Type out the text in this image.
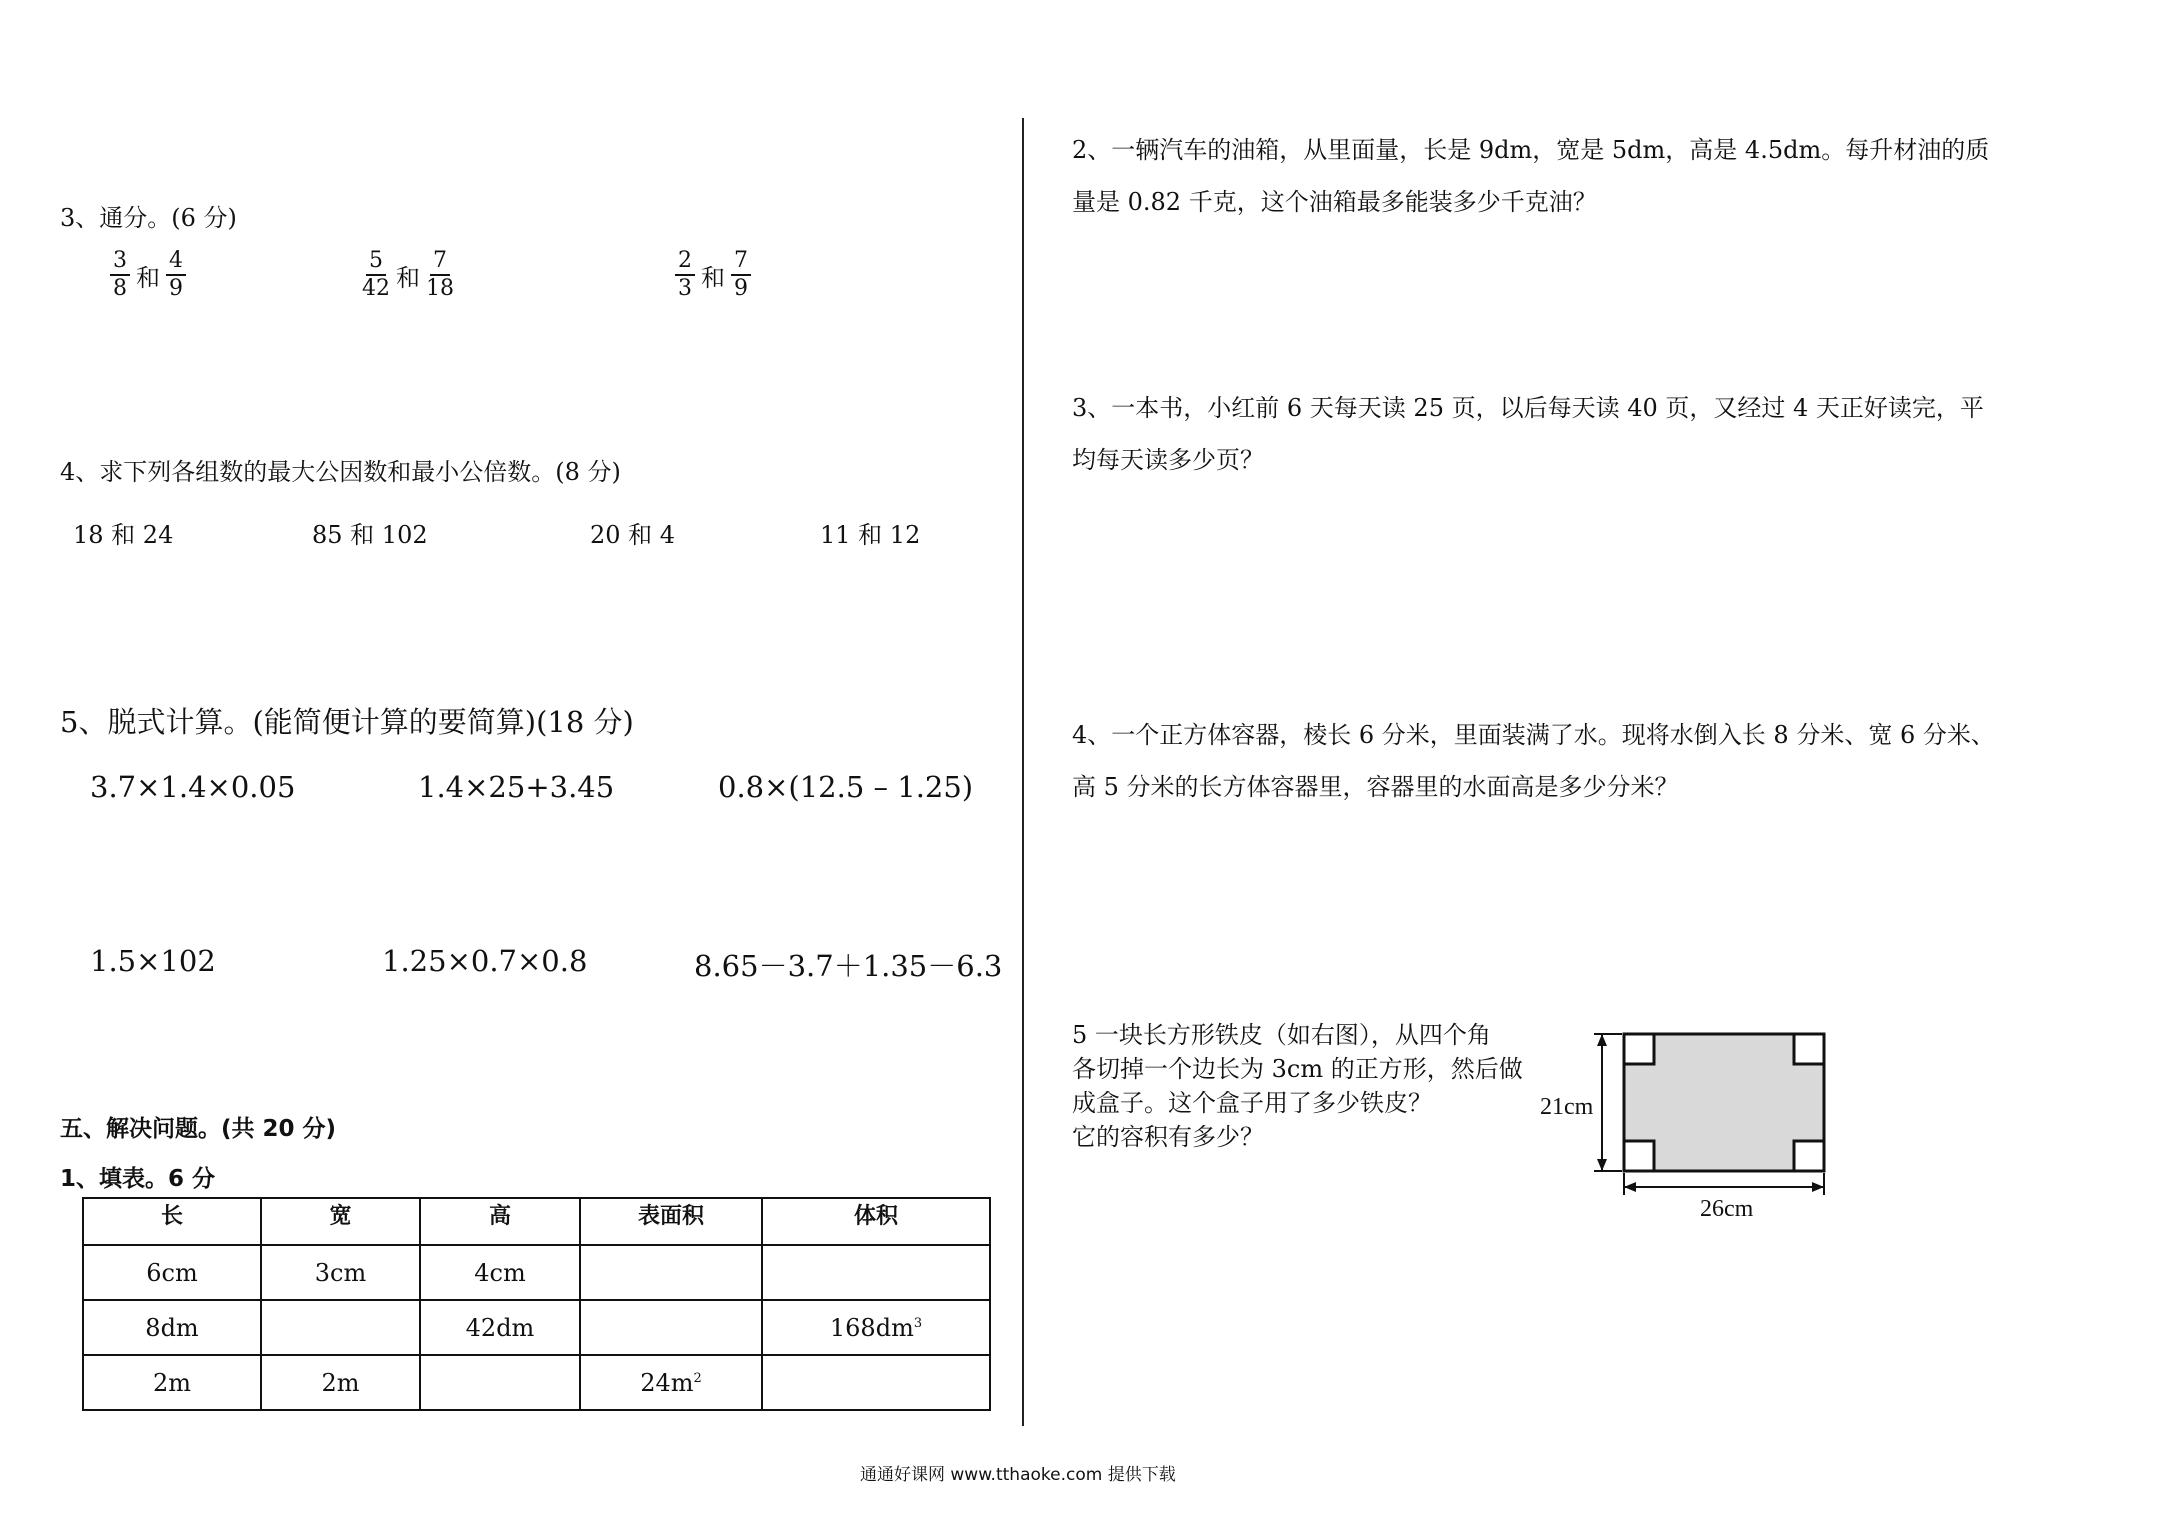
3、通分。(6 分)
$\frac{3}{8}$ 和 $\frac{4}{9}$	$\frac{5}{42}$ 和 $\frac{7}{18}$	$\frac{2}{3}$ 和 $\frac{7}{9}$
4、求下列各组数的最大公因数和最小公倍数。(8 分)
18 和 24	85 和 102	20 和 4	11 和 12
5、脱式计算。(能简便计算的要简算)(18 分)
3.7×1.4×0.05	1.4×25+3.45	0.8×(12.5 – 1.25)
1.5×102	1.25×0.7×0.8	8.65－3.7＋1.35－6.3
五、解决问题。(共 20 分)
1、填表。6 分
长	宽	高	表面积	体积
6cm	3cm	4cm		
8dm		42dm		$168dm^3$
2m	2m		$24m^2$	
2、一辆汽车的油箱，从里面量，长是 9dm，宽是 5dm，高是 4.5dm。每升材油的质
量是 0.82 千克，这个油箱最多能装多少千克油？
3、一本书，小红前 6 天每天读 25 页，以后每天读 40 页，又经过 4 天正好读完，平
均每天读多少页？
4、一个正方体容器，棱长 6 分米，里面装满了水。现将水倒入长 8 分米、宽 6 分米、
高 5 分米的长方体容器里，容器里的水面高是多少分米？
5 一块长方形铁皮（如右图），从四个角
各切掉一个边长为 3cm 的正方形，然后做
成盒子。这个盒子用了多少铁皮？
它的容积有多少？
21cm
26cm
通通好课网 www.tthaoke.com 提供下载
